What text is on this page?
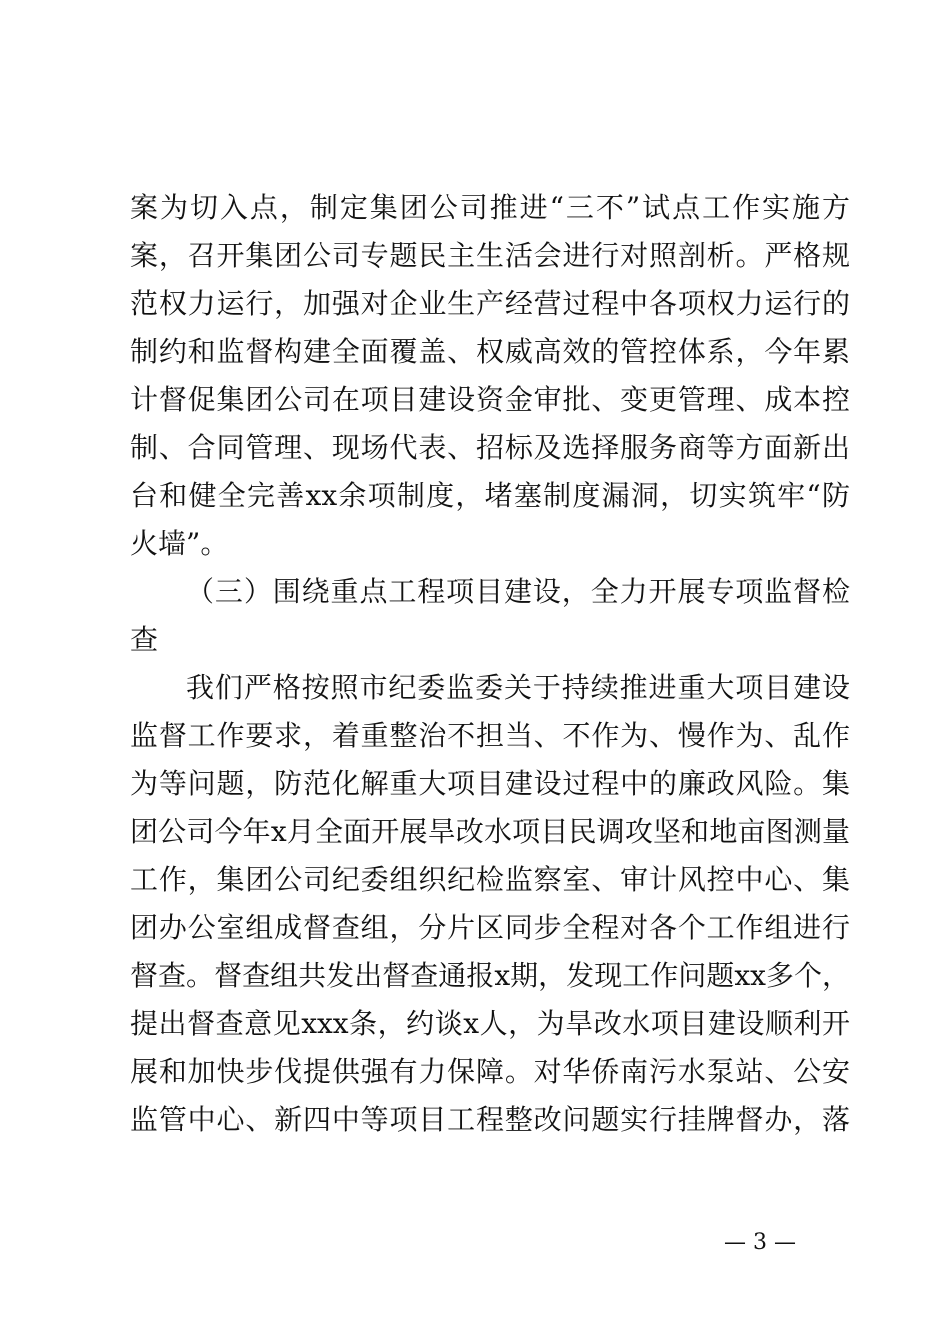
案为切入点，制定集团公司推进“三不”试点工作实施方
案，召开集团公司专题民主生活会进行对照剖析。严格规
范权力运行，加强对企业生产经营过程中各项权力运行的
制约和监督构建全面覆盖、权威高效的管控体系，今年累
计督促集团公司在项目建设资金审批、变更管理、成本控
制、合同管理、现场代表、招标及选择服务商等方面新出
台和健全完善xx余项制度，堵塞制度漏洞，切实筑牢“防
火墙”。
（三）围绕重点工程项目建设，全力开展专项监督检
查
我们严格按照市纪委监委关于持续推进重大项目建设
监督工作要求，着重整治不担当、不作为、慢作为、乱作
为等问题，防范化解重大项目建设过程中的廉政风险。集
团公司今年x月全面开展旱改水项目民调攻坚和地亩图测量
工作，集团公司纪委组织纪检监察室、审计风控中心、集
团办公室组成督查组，分片区同步全程对各个工作组进行
督查。督查组共发出督查通报x期，发现工作问题xx多个，
提出督查意见xxx条，约谈x人，为旱改水项目建设顺利开
展和加快步伐提供强有力保障。对华侨南污水泵站、公安
监管中心、新四中等项目工程整改问题实行挂牌督办，落
— 3 —
